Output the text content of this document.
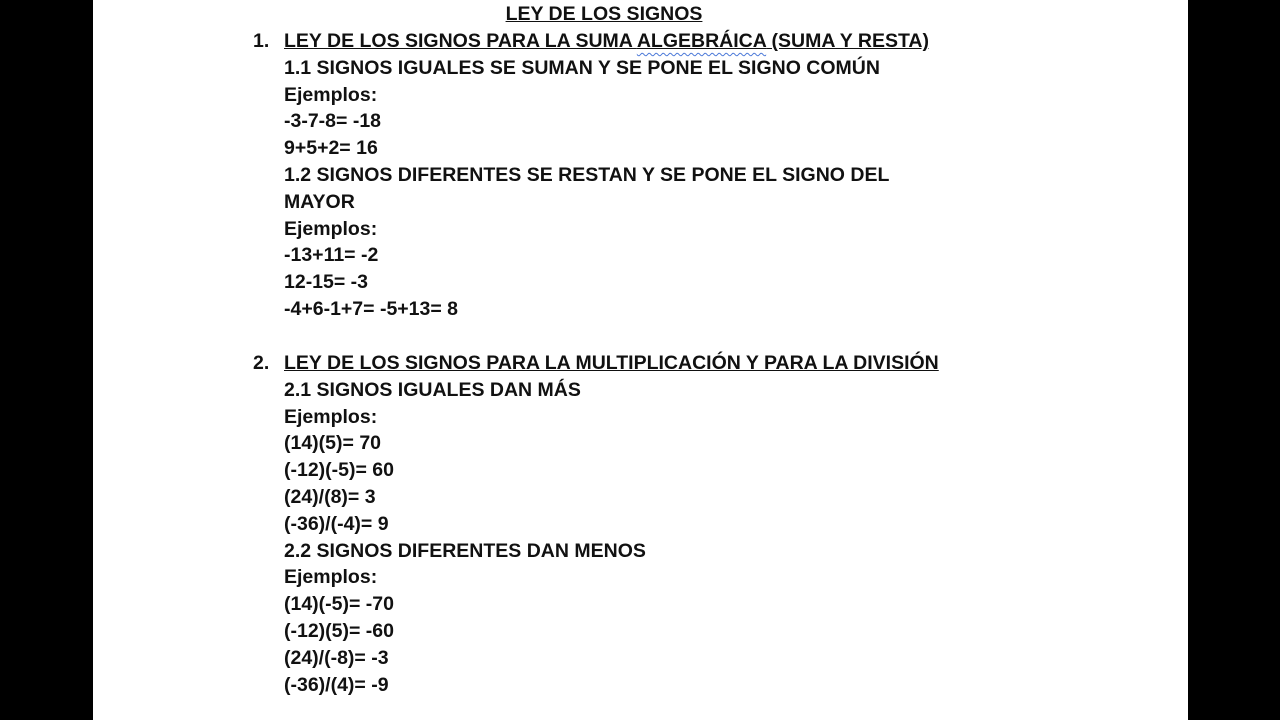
LEY DE LOS SIGNOS
1. LEY DE LOS SIGNOS PARA LA SUMA ALGEBRÁICA (SUMA Y RESTA)
1.1 SIGNOS IGUALES SE SUMAN Y SE PONE EL SIGNO COMÚN
Ejemplos:
-3-7-8= -18
9+5+2= 16
1.2 SIGNOS DIFERENTES SE RESTAN Y SE PONE EL SIGNO DEL
MAYOR
Ejemplos:
-13+11= -2
12-15= -3
-4+6-1+7= -5+13= 8
2. LEY DE LOS SIGNOS PARA LA MULTIPLICACIÓN Y PARA LA DIVISIÓN
2.1 SIGNOS IGUALES DAN MÁS
Ejemplos:
(14)(5)= 70
(-12)(-5)= 60
(24)/(8)= 3
(-36)/(-4)= 9
2.2 SIGNOS DIFERENTES DAN MENOS
Ejemplos:
(14)(-5)= -70
(-12)(5)= -60
(24)/(-8)= -3
(-36)/(4)= -9
